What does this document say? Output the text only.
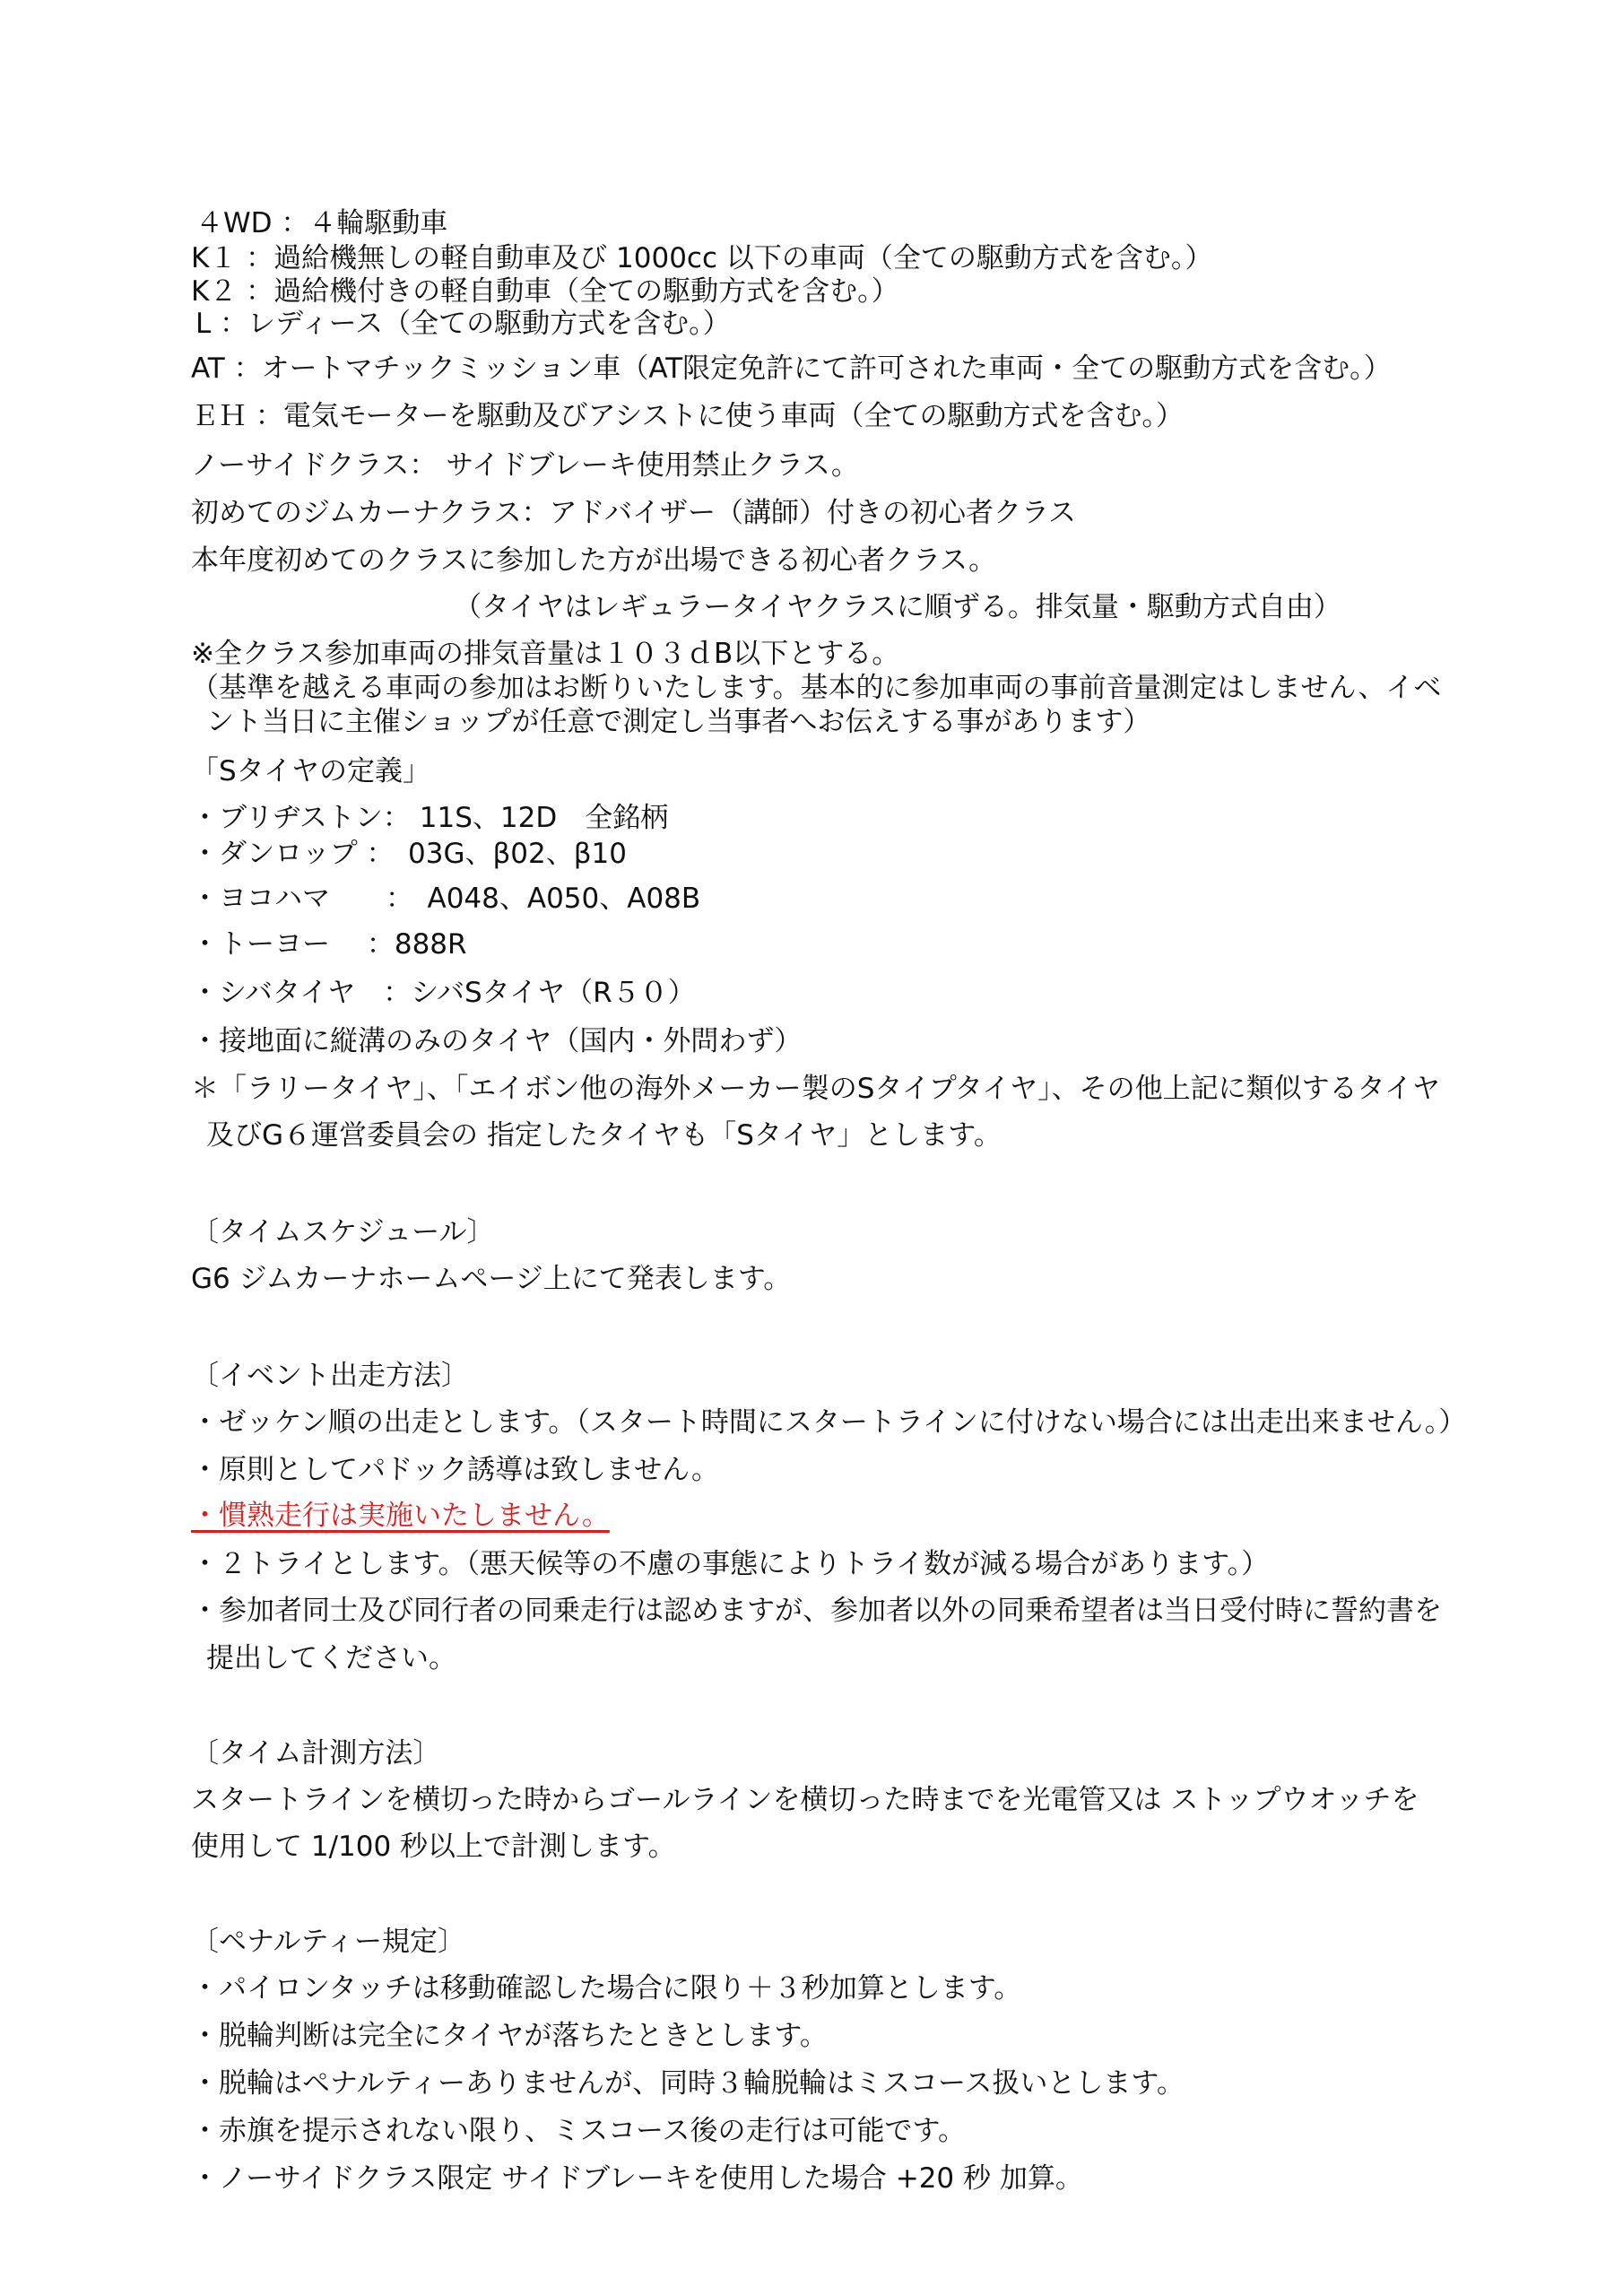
４WD ：４輪駆動車
K１ ：過給機無しの軽自動車及び 1000cc 以下の車両（全ての駆動方式を含む。）
K２ ：過給機付きの軽自動車（全ての駆動方式を含む。）
L ：レディース（全ての駆動方式を含む。）
AT ：オートマチックミッション車（AT限定免許にて許可された車両・全ての駆動方式を含む。）
ＥＨ ：電気モーターを駆動及びアシストに使う車両（全ての駆動方式を含む。）
ノーサイドクラス： サイドブレーキ使用禁止クラス。
初めてのジムカーナクラス：アドバイザー（講師）付きの初心者クラス
本年度初めてのクラスに参加した方が出場できる初心者クラス。
（タイヤはレギュラータイヤクラスに順ずる。排気量・駆動方式自由）
※全クラス参加車両の排気音量は１０３ｄB以下とする。
（基準を越える車両の参加はお断りいたします。基本的に参加車両の事前音量測定はしません、イベ
ント当日に主催ショップが任意で測定し当事者へお伝えする事があります）
「Sタイヤの定義」
・ブリヂストン： 11S、12D　全銘柄
・ダンロップ ：　03G、β02、β10
・ヨコハマ　　：　A048、A050、A08B
・トーヨー　 ：888R
・シバタイヤ　：シバSタイヤ（R５０）
・接地面に縦溝のみのタイヤ（国内・外問わず）
＊「ラリータイヤ」、「エイボン他の海外メーカー製のSタイプタイヤ」、その他上記に類似するタイヤ
及びG６運営委員会の 指定したタイヤも「Sタイヤ」とします。
〔タイムスケジュール〕
G6 ジムカーナホームページ上にて発表します。
〔イベント出走方法〕
・ゼッケン順の出走とします。（スタート時間にスタートラインに付けない場合には出走出来ません。）
・原則としてパドック誘導は致しません。
・慣熟走行は実施いたしません。
・２トライとします。（悪天候等の不慮の事態によりトライ数が減る場合があります。）
・参加者同士及び同行者の同乗走行は認めますが、参加者以外の同乗希望者は当日受付時に誓約書を
提出してください。
〔タイム計測方法〕
スタートラインを横切った時からゴールラインを横切った時までを光電管又は ストップウオッチを
使用して 1/100 秒以上で計測します。
〔ペナルティー規定〕
・パイロンタッチは移動確認した場合に限り＋３秒加算とします。
・脱輪判断は完全にタイヤが落ちたときとします。
・脱輪はペナルティーありませんが、同時３輪脱輪はミスコース扱いとします。
・赤旗を提示されない限り、ミスコース後の走行は可能です。
・ノーサイドクラス限定 サイドブレーキを使用した場合 +20 秒 加算。
